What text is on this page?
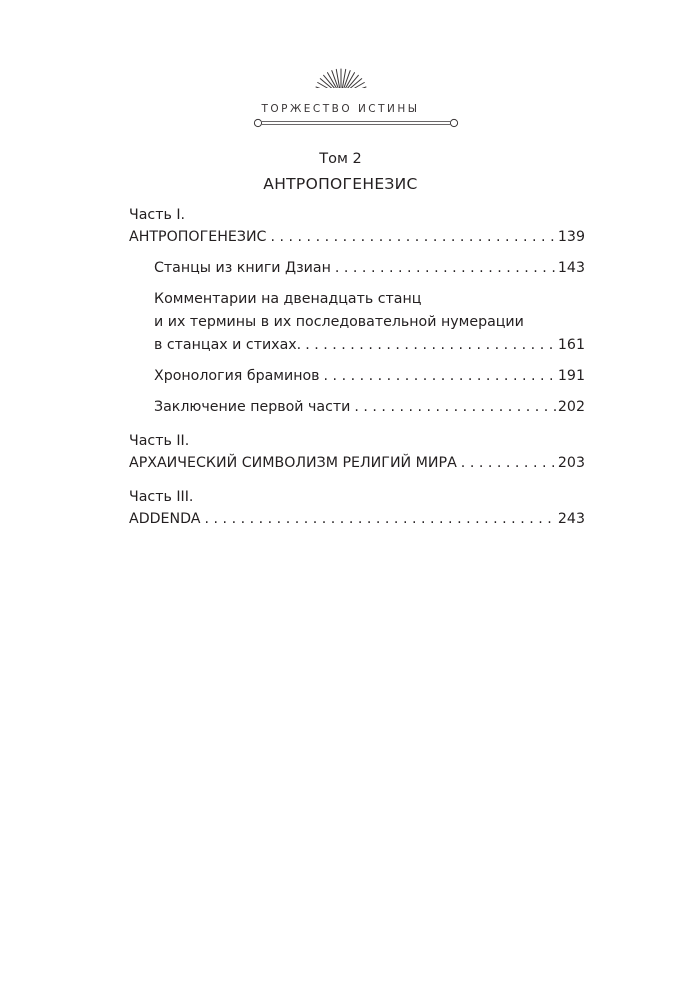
ТОРЖЕСТВО ИСТИНЫ
Том 2
АНТРОПОГЕНЕЗИС
Часть I.
АНТРОПОГЕНЕЗИС . . .	139
Станцы из книги Дзиан . . .	143
Комментарии на двенадцать станц
и их термины в их последовательной нумерации
в станцах и стихах. . . .	161
Хронология браминов . . .	191
Заключение первой части . . .	202
Часть II.
АРХАИЧЕСКИЙ СИМВОЛИЗМ РЕЛИГИЙ МИРА . . .	203
Часть III.
ADDENDA . . .	243
